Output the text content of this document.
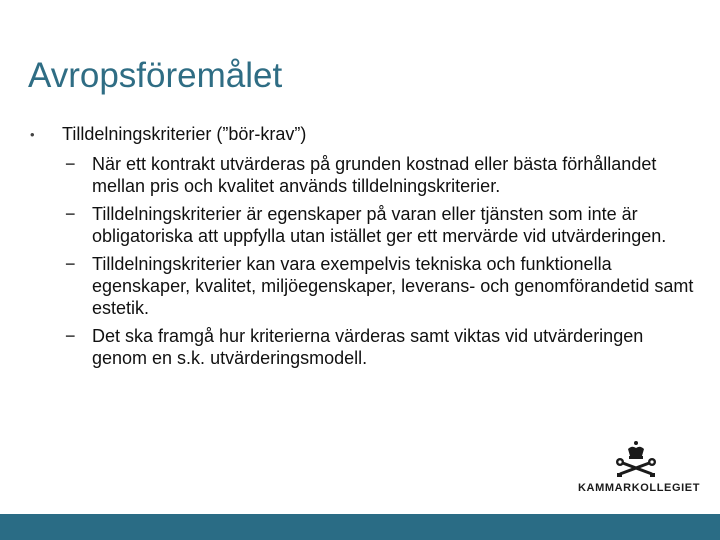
Avropsföremålet
• Tilldelningskriterier (”bör-krav”)
− När ett kontrakt utvärderas på grunden kostnad eller bästa förhållandet mellan pris och kvalitet används tilldelningskriterier.
− Tilldelningskriterier är egenskaper på varan eller tjänsten som inte är obligatoriska att uppfylla utan istället ger ett mervärde vid utvärderingen.
− Tilldelningskriterier kan vara exempelvis tekniska och funktionella egenskaper, kvalitet, miljöegenskaper, leverans- och genomförandetid samt estetik.
− Det ska framgå hur kriterierna värderas samt viktas vid utvärderingen genom en s.k. utvärderingsmodell.
KAMMARKOLLEGIET
